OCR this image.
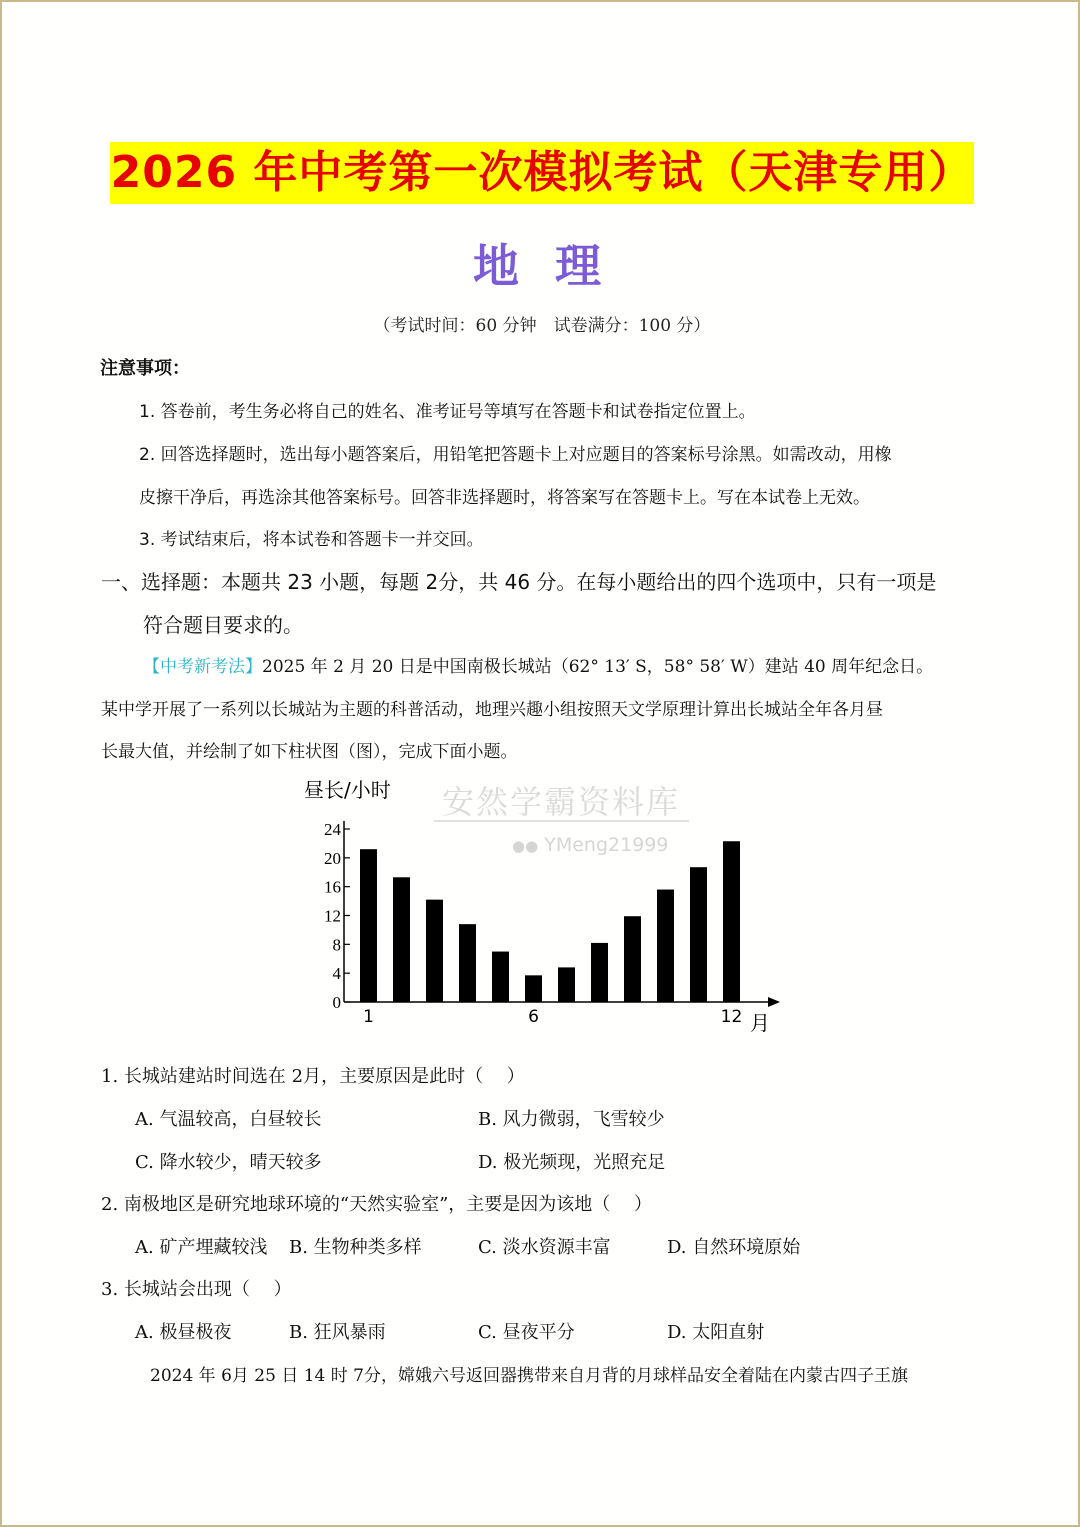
2026 年中考第一次模拟考试（天津专用）
地 理
（考试时间：60 分钟　试卷满分：100 分）
注意事项：
1. 答卷前，考生务必将自己的姓名、准考证号等填写在答题卡和试卷指定位置上。
2. 回答选择题时，选出每小题答案后，用铅笔把答题卡上对应题目的答案标号涂黑。如需改动，用橡
皮擦干净后，再选涂其他答案标号。回答非选择题时，将答案写在答题卡上。写在本试卷上无效。
3. 考试结束后，将本试卷和答题卡一并交回。
一、选择题：本题共 23 小题，每题 2分，共 46 分。在每小题给出的四个选项中，只有一项是
符合题目要求的。
【中考新考法】2025 年 2 月 20 日是中国南极长城站（62° 13′ S，58° 58′ W）建站 40 周年纪念日。
某中学开展了一系列以长城站为主题的科普活动，地理兴趣小组按照天文学原理计算出长城站全年各月昼
长最大值，并绘制了如下柱状图（图），完成下面小题。
0
4
8
12
16
20
24
昼长/小时
1	6	12 月
安然学霸资料库
●● YMeng21999
1. 长城站建站时间选在 2月，主要原因是此时（　 ）
A. 气温较高，白昼较长	B. 风力微弱，飞雪较少
C. 降水较少，晴天较多	D. 极光频现，光照充足
2. 南极地区是研究地球环境的“天然实验室”，主要是因为该地（　 ）
A. 矿产埋藏较浅 B. 生物种类多样	C. 淡水资源丰富	D. 自然环境原始
3. 长城站会出现（　 ）
A. 极昼极夜	B. 狂风暴雨	C. 昼夜平分	D. 太阳直射
2024 年 6月 25 日 14 时 7分，嫦娥六号返回器携带来自月背的月球样品安全着陆在内蒙古四子王旗
